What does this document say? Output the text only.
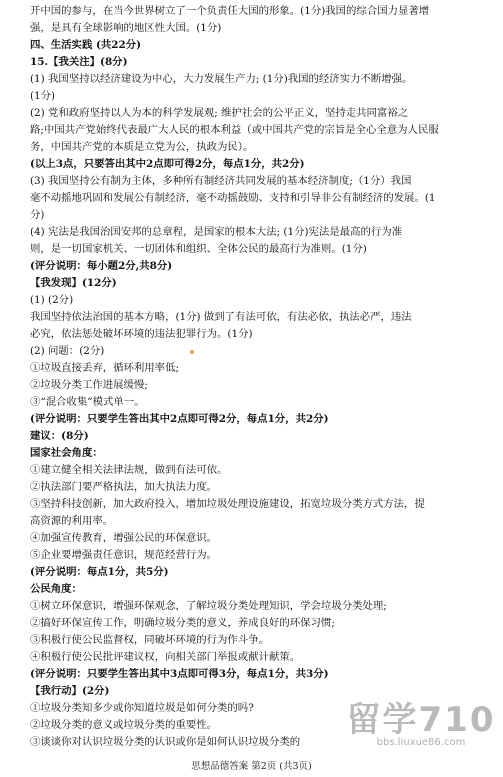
开中国的参与，在当今世界树立了一个负责任大国的形象。(1分)我国的综合国力显著增
强，是具有全球影响的地区性大国。(1分)
四、生活实践 (共22分)
15.【我关注】(8分)
(1) 我国坚持以经济建设为中心，大力发展生产力; (1分)我国的经济实力不断增强。
(1分)
(2) 党和政府坚持以人为本的科学发展观; 维护社会的公平正义，坚持走共同富裕之
路;中国共产党始终代表最广大人民的根本利益（或中国共产党的宗旨是全心全意为人民服
务，中国共产党的本质是立党为公，执政为民）。
(以上3点，只要答出其中2点即可得2分，每点1分，共2分)
(3) 我国坚持公有制为主体，多种所有制经济共同发展的基本经济制度;（1分）我国
毫不动摇地巩固和发展公有制经济，毫不动摇鼓励、支持和引导非公有制经济的发展。(1
分)
(4) 宪法是我国治国安邦的总章程，是国家的根本大法; (1分)宪法是最高的行为准
则，是一切国家机关、一切团体和组织、全体公民的最高行为准则。(1分)
(评分说明：每小题2分,共8分)
【我发现】(12分)
(1) (2分)
我国坚持依法治国的基本方略，(1分) 做到了有法可依，有法必依，执法必严，违法
必究，依法惩处破坏环境的违法犯罪行为。(1分)
(2) 问题：(2分)
①垃圾直接丢弃，循环利用率低;
②垃圾分类工作进展缓慢;
③“混合收集”模式单一。
(评分说明：只要学生答出其中2点即可得2分，每点1分，共2分)
建议：(8分)
国家社会角度：
①建立健全相关法律法规，做到有法可依。
②执法部门要严格执法，加大执法力度。
③坚持科技创新，加大政府投入，增加垃圾处理设施建设，拓宽垃圾分类方式方法，提
高资源的利用率。
④加强宣传教育，增强公民的环保意识。
⑤企业要增强责任意识，规范经营行为。
(评分说明：每点1分，共5分)
公民角度：
①树立环保意识，增强环保观念，了解垃圾分类处理知识，学会垃圾分类处理;
②搞好环保宣传工作，明确垃圾分类的意义，养成良好的环保习惯;
③积极行使公民监督权，同破坏环境的行为作斗争。
④积极行使公民批评建议权，向相关部门举报或献计献策。
(评分说明：只要学生答出其中3点即可得3分，每点1分，共3分)
【我行动】(2分)
①垃圾分类知多少或你知道垃圾是如何分类的吗?
②垃圾分类的意义或垃圾分类的重要性。
③谈谈你对认识垃圾分类的认识或你是如何认识垃圾分类的
留学710
bbs.liuxue86.com
思想品德答案 第2页 (共3页)
